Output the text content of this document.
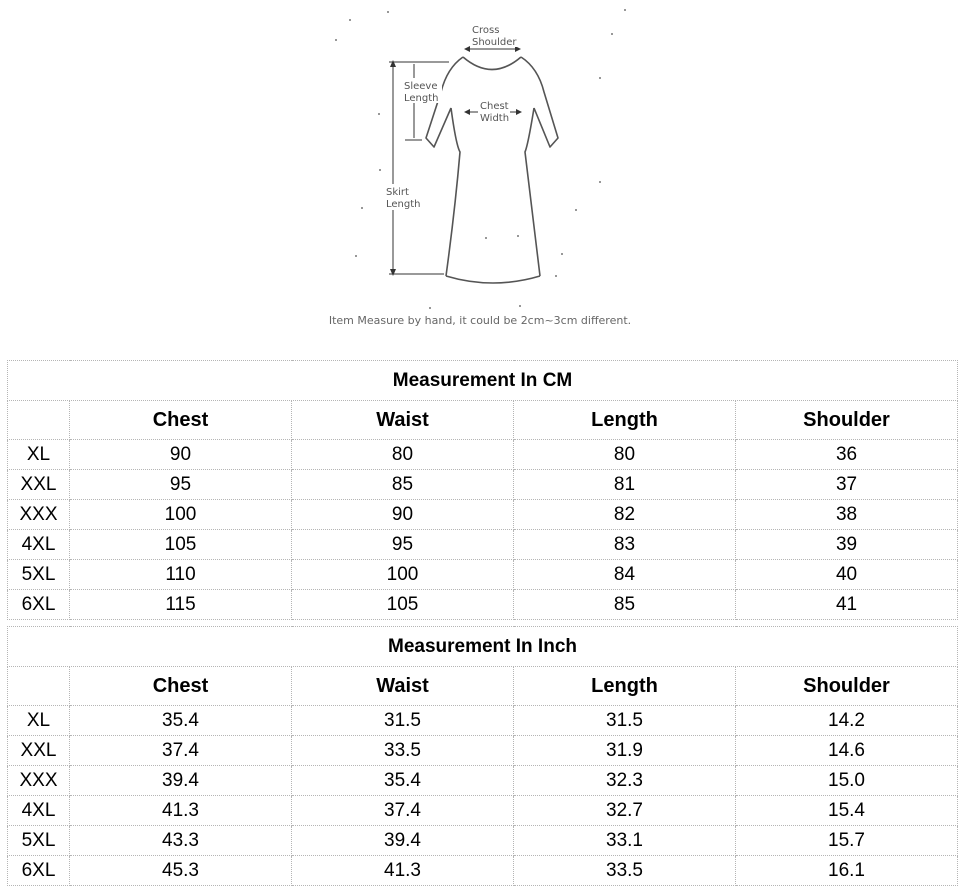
Cross
Shoulder
Sleeve
Length
Chest
Width
Skirt
Length
Item Measure by hand, it could be 2cm~3cm different.
Measurement In CM				
	Chest	Waist	Length	Shoulder
XL	90	80	80	36
XXL	95	85	81	37
XXX	100	90	82	38
4XL	105	95	83	39
5XL	110	100	84	40
6XL	115	105	85	41
Measurement In Inch				
	Chest	Waist	Length	Shoulder
XL	35.4	31.5	31.5	14.2
XXL	37.4	33.5	31.9	14.6
XXX	39.4	35.4	32.3	15.0
4XL	41.3	37.4	32.7	15.4
5XL	43.3	39.4	33.1	15.7
6XL	45.3	41.3	33.5	16.1
